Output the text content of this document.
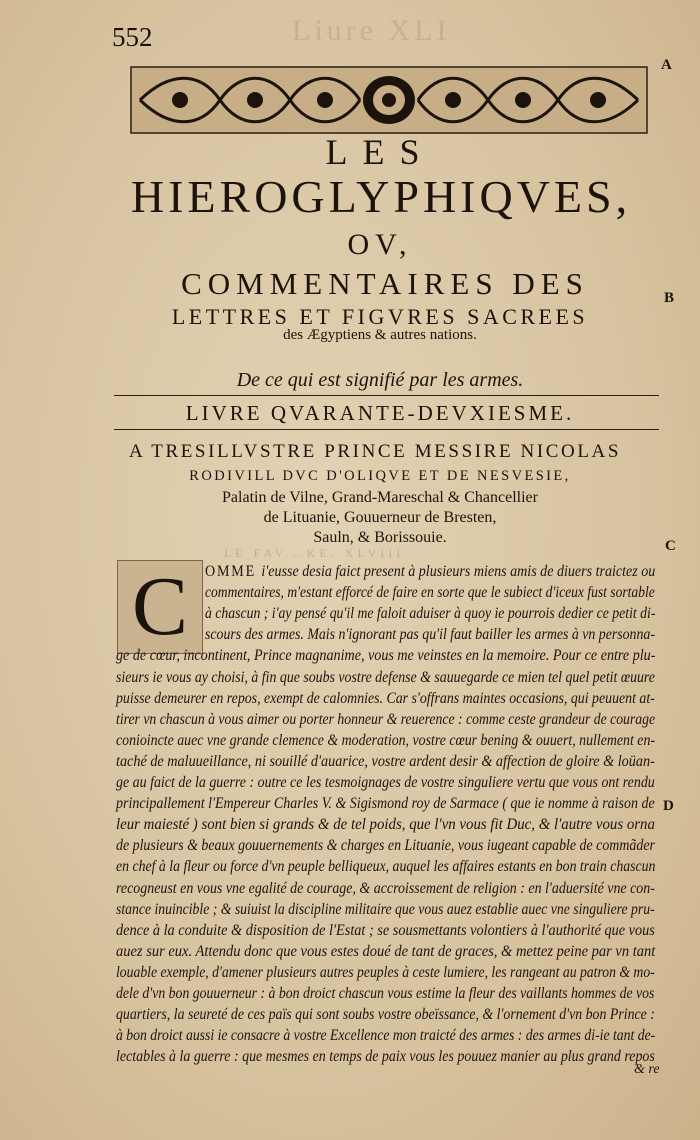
552	Liure XLI
A
B
C
D
LES
HIEROGLYPHIQVES,
OV,
COMMENTAIRES DES
LETTRES ET FIGVRES SACREES
des Ægyptiens & autres nations.
De ce qui est signifié par les armes.
LIVRE QVARANTE-DEVXIESME.
A TRESILLVSTRE PRINCE MESSIRE NICOLAS
RODIVILL DVC D'OLIQVE ET DE NESVESIE,
Palatin de Vilne, Grand-Mareschal & Chancellier
de Lituanie, Gouuerneur de Bresten,
Sauln, & Borissouie.
LE FAV...KE. XLVIII
C	OMME i'eusse desia faict present à plusieurs miens amis de diuers traictez ou
commentaires, m'estant efforcé de faire en sorte que le subiect d'iceux fust sortable
à chascun ; i'ay pensé qu'il me faloit aduiser à quoy ie pourrois dedier ce petit di-
scours des armes. Mais n'ignorant pas qu'il faut bailler les armes à vn personna-
ge de cœur, incontinent, Prince magnanime, vous me veinstes en la memoire. Pour ce entre plu-
sieurs ie vous ay choisi, à fin que soubs vostre defense & sauuegarde ce mien tel quel petit œuure
puisse demeurer en repos, exempt de calomnies. Car s'offrans maintes occasions, qui peuuent at-
tirer vn chascun à vous aimer ou porter honneur & reuerence : comme ceste grandeur de courage
conioincte auec vne grande clemence & moderation, vostre cœur bening & ouuert, nullement en-
taché de maluueillance, ni souillé d'auarice, vostre ardent desir & affection de gloire & loüan-
ge au faict de la guerre : outre ce les tesmoignages de vostre singuliere vertu que vous ont rendu
principallement l'Empereur Charles V. & Sigismond roy de Sarmace ( que ie nomme à raison de
leur maiesté ) sont bien si grands & de tel poids, que l'vn vous fit Duc, & l'autre vous orna
de plusieurs & beaux gouuernements & charges en Lituanie, vous iugeant capable de commãder
en chef à la fleur ou force d'vn peuple belliqueux, auquel les affaires estants en bon train chascun
recogneust en vous vne egalité de courage, & accroissement de religion : en l'aduersité vne con-
stance inuincible ; & suiuist la discipline militaire que vous auez establie auec vne singuliere pru-
dence à la conduite & disposition de l'Estat ; se sousmettants volontiers à l'authorité que vous
auez sur eux. Attendu donc que vous estes doué de tant de graces, & mettez peine par vn tant
louable exemple, d'amener plusieurs autres peuples à ceste lumiere, les rangeant au patron & mo-
dele d'vn bon gouuerneur : à bon droict chascun vous estime la fleur des vaillants hommes de vos
quartiers, la seureté de ces païs qui sont soubs vostre obeïssance, & l'ornement d'vn bon Prince :
à bon droict aussi ie consacre à vostre Excellence mon traicté des armes : des armes di-ie tant de-
lectables à la guerre : que mesmes en temps de paix vous les pouuez manier au plus grand repos
& re
